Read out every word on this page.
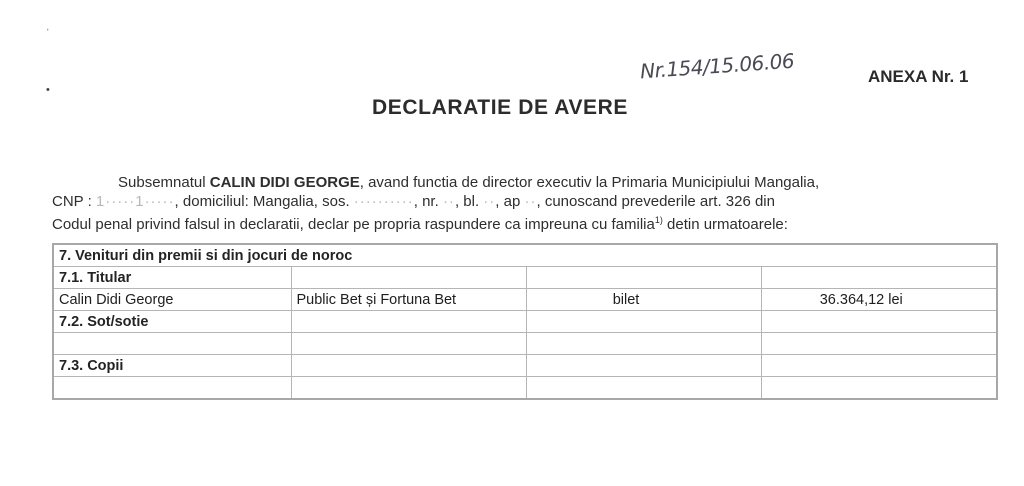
ˈ
•
Nr.154/15.06.06	ANEXA Nr. 1
DECLARATIE DE AVERE
Subsemnatul CALIN DIDI GEORGE, avand functia de director executiv la Primaria Municipiului Mangalia,
CNP : 1·····1·····, domiciliul: Mangalia, sos. ··········, nr. ··, bl. ··, ap ··, cunoscand prevederile art. 326 din
Codul penal privind falsul in declaratii, declar pe propria raspundere ca impreuna cu familia$^{1)}$ detin urmatoarele:
7. Venituri din premii si din jocuri de noroc			
7.1. Titular			
Calin Didi George	Public Bet și Fortuna Bet	bilet	36.364,12 lei
7.2. Sot/sotie			

7.3. Copii			
